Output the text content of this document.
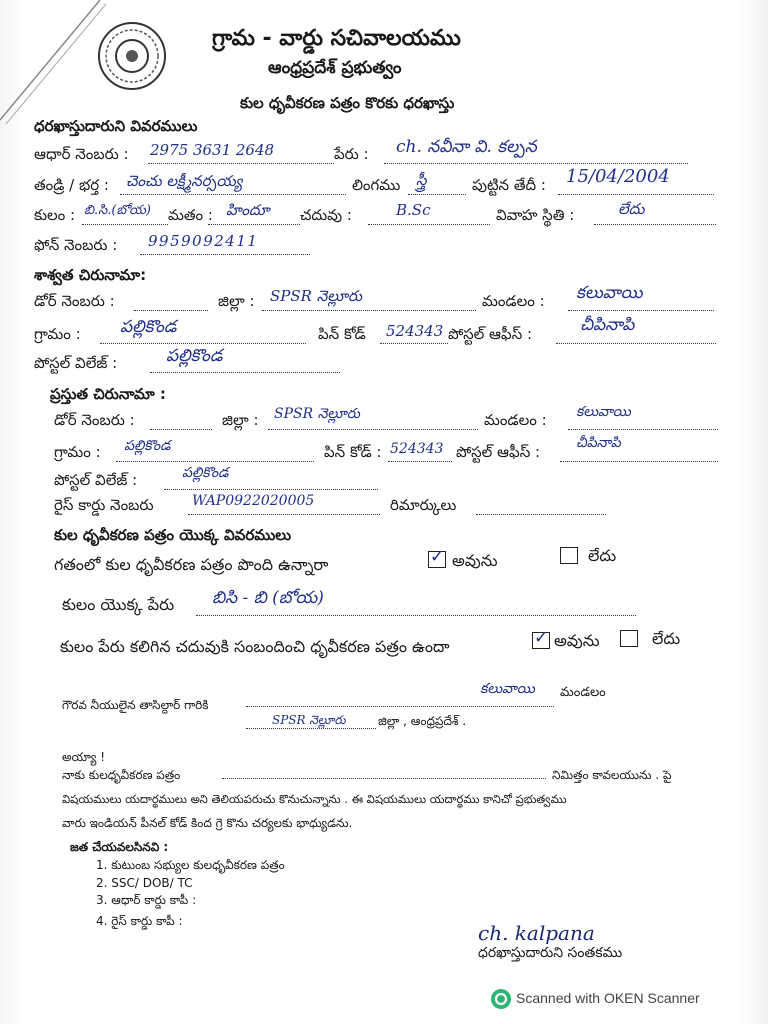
గ్రామ - వార్డు సచివాలయము
ఆంధ్రప్రదేశ్ ప్రభుత్వం
కుల ధృవీకరణ పత్రం కొరకు ధరఖాస్తు
ధరఖాస్తుదారుని వివరములు
ఆధార్ నెంబరు : 2975 3631 2648	పేరు : ch. నవీనా వి. కల్పన
తండ్రి / భర్త : చెంచు లక్ష్మీనర్సయ్య	లింగము స్త్రీ	పుట్టిన తేదీ : 15/04/2004
కులం : బి.సి.(బోయ) మతం : హిందూ చదువు :	B.Sc	వివాహ స్థితి :	లేదు
ఫోన్ నెంబరు : 9959092411
శాశ్వత చిరునామా:
డోర్ నెంబరు :	జిల్లా : SPSR నెల్లూరు	మండలం : కలువాయి
గ్రామం : పల్లికొండ	పిన్ కోడ్ 524343 పోస్టల్ ఆఫీస్ :	చీపినాపి
పోస్టల్ విలేజ్ :	పల్లికొండ
ప్రస్తుత చిరునామా :
డోర్ నెంబరు :	జిల్లా : SPSR నెల్లూరు	మండలం : కలువాయి
గ్రామం : పల్లికొండ	పిన్ కోడ్ : 524343 పోస్టల్ ఆఫీస్ :	చీపినాపి
పోస్టల్ విలేజ్ :	పల్లికొండ
రైస్ కార్డు నెంబరు	WAP0922020005	రిమార్కులు
కుల ధృవీకరణ పత్రం యొక్క వివరములు
గతంలో కుల ధృవీకరణ పత్రం పొంది ఉన్నారా	✓ అవును	లేదు
కులం యొక్క పేరు బిసి - బి (బోయ)
కులం పేరు కలిగిన చదువుకి సంబందించి ధృవీకరణ పత్రం ఉందా	✓ అవును	లేదు
గౌరవ నీయులైన తాసిల్దార్ గారికి
కలువాయి మండలం
SPSR నెల్లూరు	జిల్లా , ఆంధ్రప్రదేశ్ .
అయ్యా !
నాకు కులధృవీకరణ పత్రం	నిమిత్తం కావలయును . పై
విషయములు యదార్థములు అని తెలియపరుచు కొనుచున్నాను . ఈ విషయములు యదార్థము కానిచో ప్రభుత్వము
వారు ఇండియన్ పీనల్ కోడ్ కింద గ్రె కొను చర్యలకు భాధ్యుడను.
జత చేయవలసినవి :
1. కుటుంబ సభ్యుల కులధృవీకరణ పత్రం
2. SSC/ DOB/ TC
3. ఆధార్ కార్డు కాపీ :
4. రైస్ కార్డు కాపీ :	ch. kalpana
ధరఖాస్తుదారుని సంతకము
Scanned with OKEN Scanner
